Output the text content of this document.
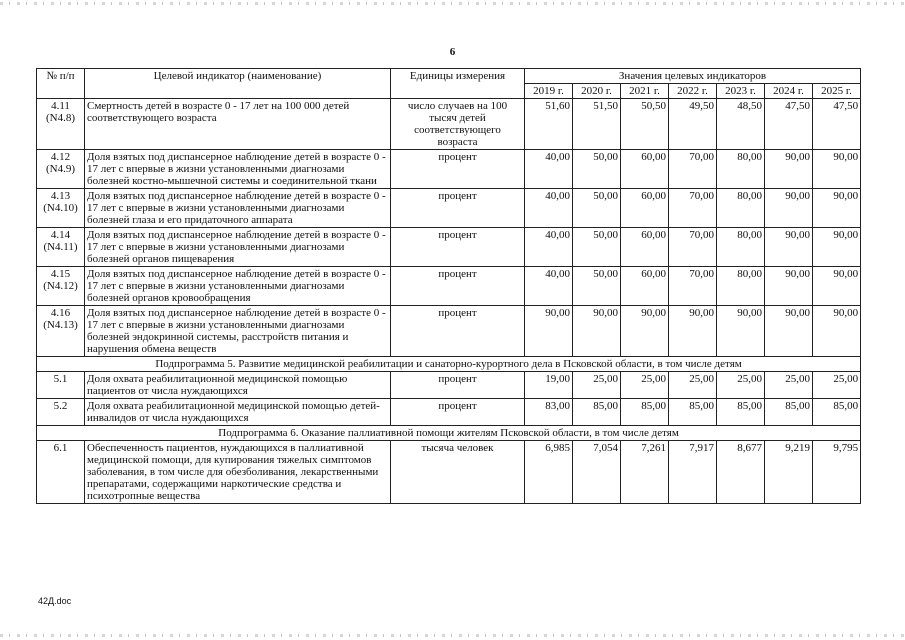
6
№ п/п	Целевой индикатор (наименование)	Единицы измерения	Значения целевых индикаторов						
			2019 г.	2020 г.	2021 г.	2022 г.	2023 г.	2024 г.	2025 г.
4.11 (N4.8)	Смертность детей в возрасте 0 - 17 лет на 100 000 детей соответствующего возраста	число случаев на 100 тысяч детей соответствующего возраста	51,60	51,50	50,50	49,50	48,50	47,50	47,50
4.12 (N4.9)	Доля взятых под диспансерное наблюдение детей в возрасте 0 - 17 лет с впервые в жизни установленными диагнозами болезней костно-мышечной системы и соединительной ткани	процент	40,00	50,00	60,00	70,00	80,00	90,00	90,00
4.13 (N4.10)	Доля взятых под диспансерное наблюдение детей в возрасте 0 - 17 лет с впервые в жизни установленными диагнозами болезней глаза и его придаточного аппарата	процент	40,00	50,00	60,00	70,00	80,00	90,00	90,00
4.14 (N4.11)	Доля взятых под диспансерное наблюдение детей в возрасте 0 - 17 лет с впервые в жизни установленными диагнозами болезней органов пищеварения	процент	40,00	50,00	60,00	70,00	80,00	90,00	90,00
4.15 (N4.12)	Доля взятых под диспансерное наблюдение детей в возрасте 0 - 17 лет с впервые в жизни установленными диагнозами болезней органов кровообращения	процент	40,00	50,00	60,00	70,00	80,00	90,00	90,00
4.16 (N4.13)	Доля взятых под диспансерное наблюдение детей в возрасте 0 - 17 лет с впервые в жизни установленными диагнозами болезней эндокринной системы, расстройств питания и нарушения обмена веществ	процент	90,00	90,00	90,00	90,00	90,00	90,00	90,00
Подпрограмма 5. Развитие медицинской реабилитации и санаторно-курортного дела в Псковской области, в том числе детям									
5.1	Доля охвата реабилитационной медицинской помощью пациентов от числа нуждающихся	процент	19,00	25,00	25,00	25,00	25,00	25,00	25,00
5.2	Доля охвата реабилитационной медицинской помощью детей-инвалидов от числа нуждающихся	процент	83,00	85,00	85,00	85,00	85,00	85,00	85,00
Подпрограмма 6. Оказание паллиативной помощи жителям Псковской области, в том числе детям									
6.1	Обеспеченность пациентов, нуждающихся в паллиативной медицинской помощи, для купирования тяжелых симптомов заболевания, в том числе для обезболивания, лекарственными препаратами, содержащими наркотические средства и психотропные вещества	тысяча человек	6,985	7,054	7,261	7,917	8,677	9,219	9,795
42Д.doc
